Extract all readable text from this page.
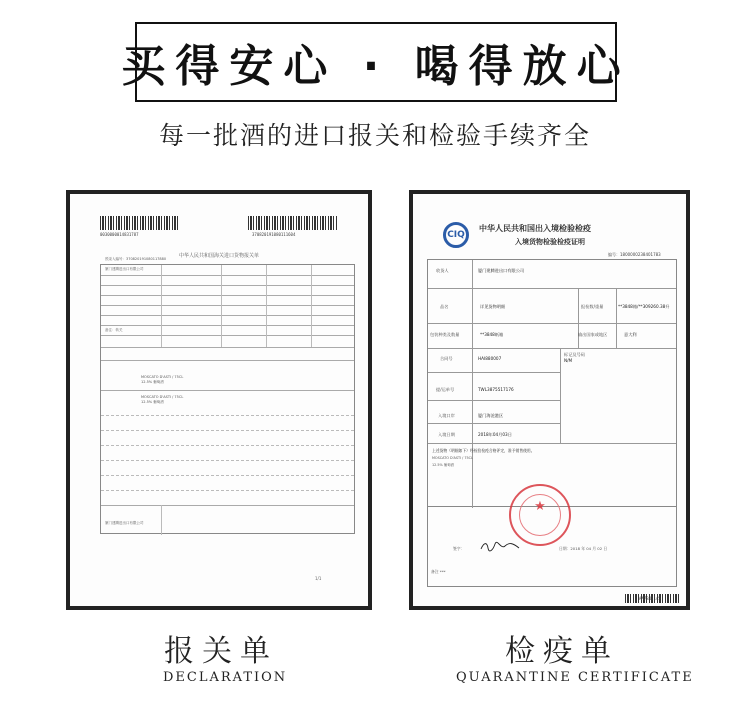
买得安心 · 喝得放心
每一批酒的进口报关和检验手续齐全
0030000014831787	370820191080111604
中华人民共和国海关进口货物报关单
预录入编号：370820191080117880
厦门建腾进出口有限公司
备注：转关
MOSCATO D'ASTI / 75CL
12.5% 葡萄酒
MOSCATO D'ASTI / 75CL
12.5% 葡萄酒
厦门建腾进出口有限公司
1/1
CIQ
中华人民共和国出入境检验检疫
入境货物检验检疫证明
编号：1800000238401783
收货人	厦门建腾进出口有限公司
品名	详见货物明细	报检数/重量	**3848箱/**309260.38升
包装种类及数量	**3848纸箱	输出国家或地区	意大利
合同号	HAI880007
标记及号码
N/M
提/运单号	TWL3875517176
入境口岸	厦门海沧港区
入境日期	2018年04月03日
上述货物（明细如下）经检验检疫合格评定，准予销售使用。
MOSCATO D'ASTI / 75CL
12.5% 葡萄酒
★
签字：	日期：2018 年 04 月 02 日
备注 ***
AA7841145
报关单
DECLARATION
检疫单
QUARANTINE CERTIFICATE
